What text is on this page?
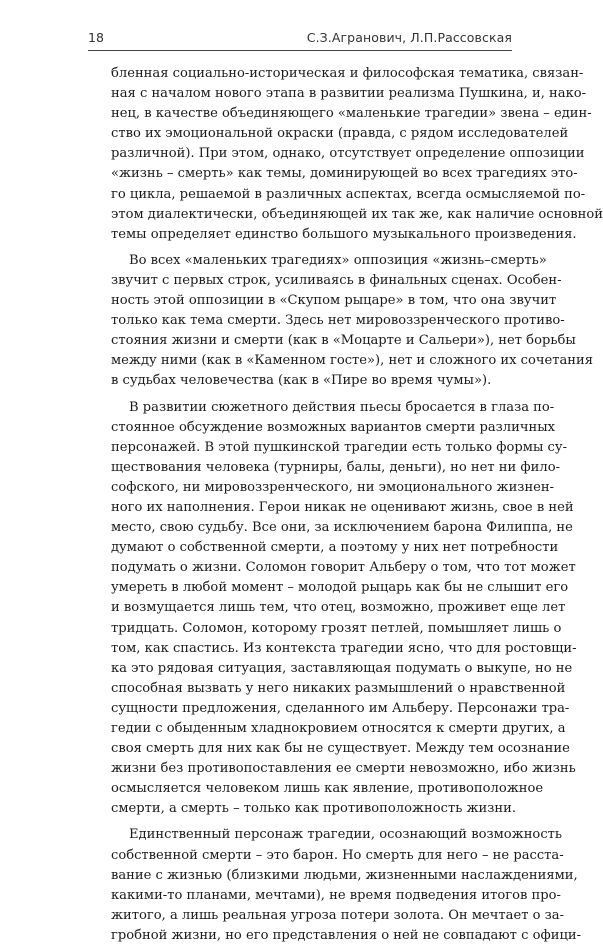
18	С.З.Агранович, Л.П.Рассовская
бленная социально-историческая и философская тематика, связан-
ная с началом нового этапа в развитии реализма Пушкина, и, нако-
нец, в качестве объединяющего «маленькие трагедии» звена – един-
ство их эмоциональной окраски (правда, с рядом исследователей
различной). При этом, однако, отсутствует определение оппозиции
«жизнь – смерть» как темы, доминирующей во всех трагедиях это-
го цикла, решаемой в различных аспектах, всегда осмысляемой по-
этом диалектически, объединяющей их так же, как наличие основной
темы определяет единство большого музыкального произведения.
Во всех «маленьких трагедиях» оппозиция «жизнь–смерть»
звучит с первых строк, усиливаясь в финальных сценах. Особен-
ность этой оппозиции в «Скупом рыцаре» в том, что она звучит
только как тема смерти. Здесь нет мировоззренческого противо-
стояния жизни и смерти (как в «Моцарте и Сальери»), нет борьбы
между ними (как в «Каменном госте»), нет и сложного их сочетания
в судьбах человечества (как в «Пире во время чумы»).
В развитии сюжетного действия пьесы бросается в глаза по-
стоянное обсуждение возможных вариантов смерти различных
персонажей. В этой пушкинской трагедии есть только формы су-
ществования человека (турниры, балы, деньги), но нет ни фило-
софского, ни мировоззренческого, ни эмоционального жизнен-
ного их наполнения. Герои никак не оценивают жизнь, свое в ней
место, свою судьбу. Все они, за исключением барона Филиппа, не
думают о собственной смерти, а поэтому у них нет потребности
подумать о жизни. Соломон говорит Альберу о том, что тот может
умереть в любой момент – молодой рыцарь как бы не слышит его
и возмущается лишь тем, что отец, возможно, проживет еще лет
тридцать. Соломон, которому грозят петлей, помышляет лишь о
том, как спастись. Из контекста трагедии ясно, что для ростовщи-
ка это рядовая ситуация, заставляющая подумать о выкупе, но не
способная вызвать у него никаких размышлений о нравственной
сущности предложения, сделанного им Альберу. Персонажи тра-
гедии с обыденным хладнокровием относятся к смерти других, а
своя смерть для них как бы не существует. Между тем осознание
жизни без противопоставления ее смерти невозможно, ибо жизнь
осмысляется человеком лишь как явление, противоположное
смерти, а смерть – только как противоположность жизни.
Единственный персонаж трагедии, осознающий возможность
собственной смерти – это барон. Но смерть для него – не расста-
вание с жизнью (близкими людьми, жизненными наслаждениями,
какими-то планами, мечтами), не время подведения итогов про-
житого, а лишь реальная угроза потери золота. Он мечтает о за-
гробной жизни, но его представления о ней не совпадают с офици-
